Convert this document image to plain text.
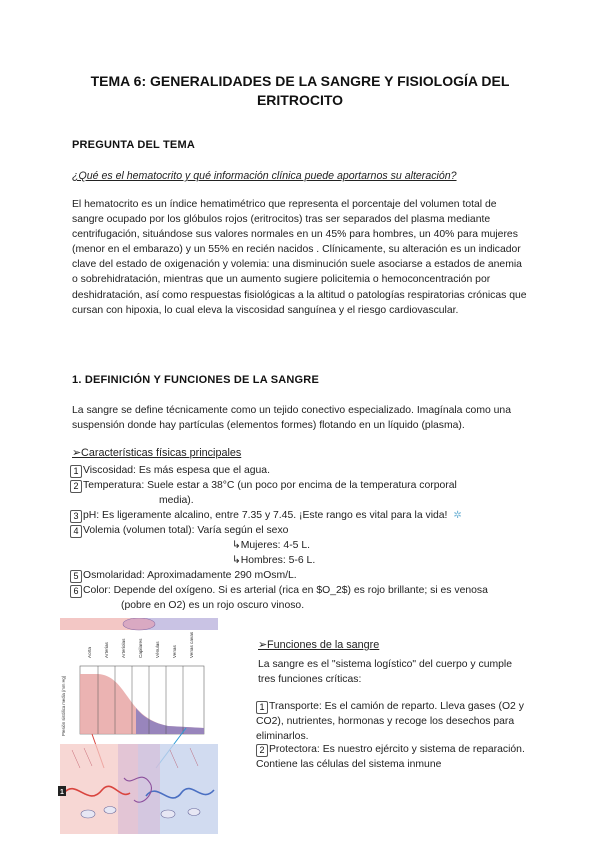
TEMA 6: GENERALIDADES DE LA SANGRE Y FISIOLOGÍA DEL ERITROCITO
PREGUNTA DEL TEMA
¿Qué es el hematocrito y qué información clínica puede aportarnos su alteración?
El hematocrito es un índice hematimétrico que representa el porcentaje del volumen total de sangre ocupado por los glóbulos rojos (eritrocitos) tras ser separados del plasma mediante centrifugación, situándose sus valores normales en un 45% para hombres, un 40% para mujeres (menor en el embarazo) y un 55% en recién nacidos . Clínicamente, su alteración es un indicador clave del estado de oxigenación y volemia: una disminución suele asociarse a estados de anemia o sobrehidratación, mientras que un aumento sugiere policitemia o hemoconcentración por deshidratación, así como respuestas fisiológicas a la altitud o patologías respiratorias crónicas que cursan con hipoxia, lo cual eleva la viscosidad sanguínea y el riesgo cardiovascular.
1. DEFINICIÓN Y FUNCIONES DE LA SANGRE
La sangre se define técnicamente como un tejido conectivo especializado. Imagínala como una suspensión donde hay partículas (elementos formes) flotando en un líquido (plasma).
➢Características físicas principales
1 Viscosidad: Es más espesa que el agua.
2 Temperatura: Suele estar a 38°C (un poco por encima de la temperatura corporal
media).
3 pH: Es ligeramente alcalino, entre 7.35 y 7.45. ¡Este rango es vital para la vida! ✲
4 Volemia (volumen total): Varía según el sexo
↳Mujeres: 4-5 L.
↳Hombres: 5-6 L.
5 Osmolaridad: Aproximadamente 290 mOsm/L.
6 Color: Depende del oxígeno. Si es arterial (rica en $O_2$) es rojo brillante; si es venosa
(pobre en O2) es un rojo oscuro vinoso.
Aorta	Arterias	Arteriolas	Capilares	Vénulas	Venas	Venas cavas
Presión sistólica media (mm Hg)
1
➢Funciones de la sangre
La sangre es el "sistema logístico" del cuerpo y cumple tres funciones críticas:
1 Transporte: Es el camión de reparto. Lleva gases (O2 y CO2), nutrientes, hormonas y recoge los desechos para eliminarlos.
2 Protectora: Es nuestro ejército y sistema de reparación. Contiene las células del sistema inmune
